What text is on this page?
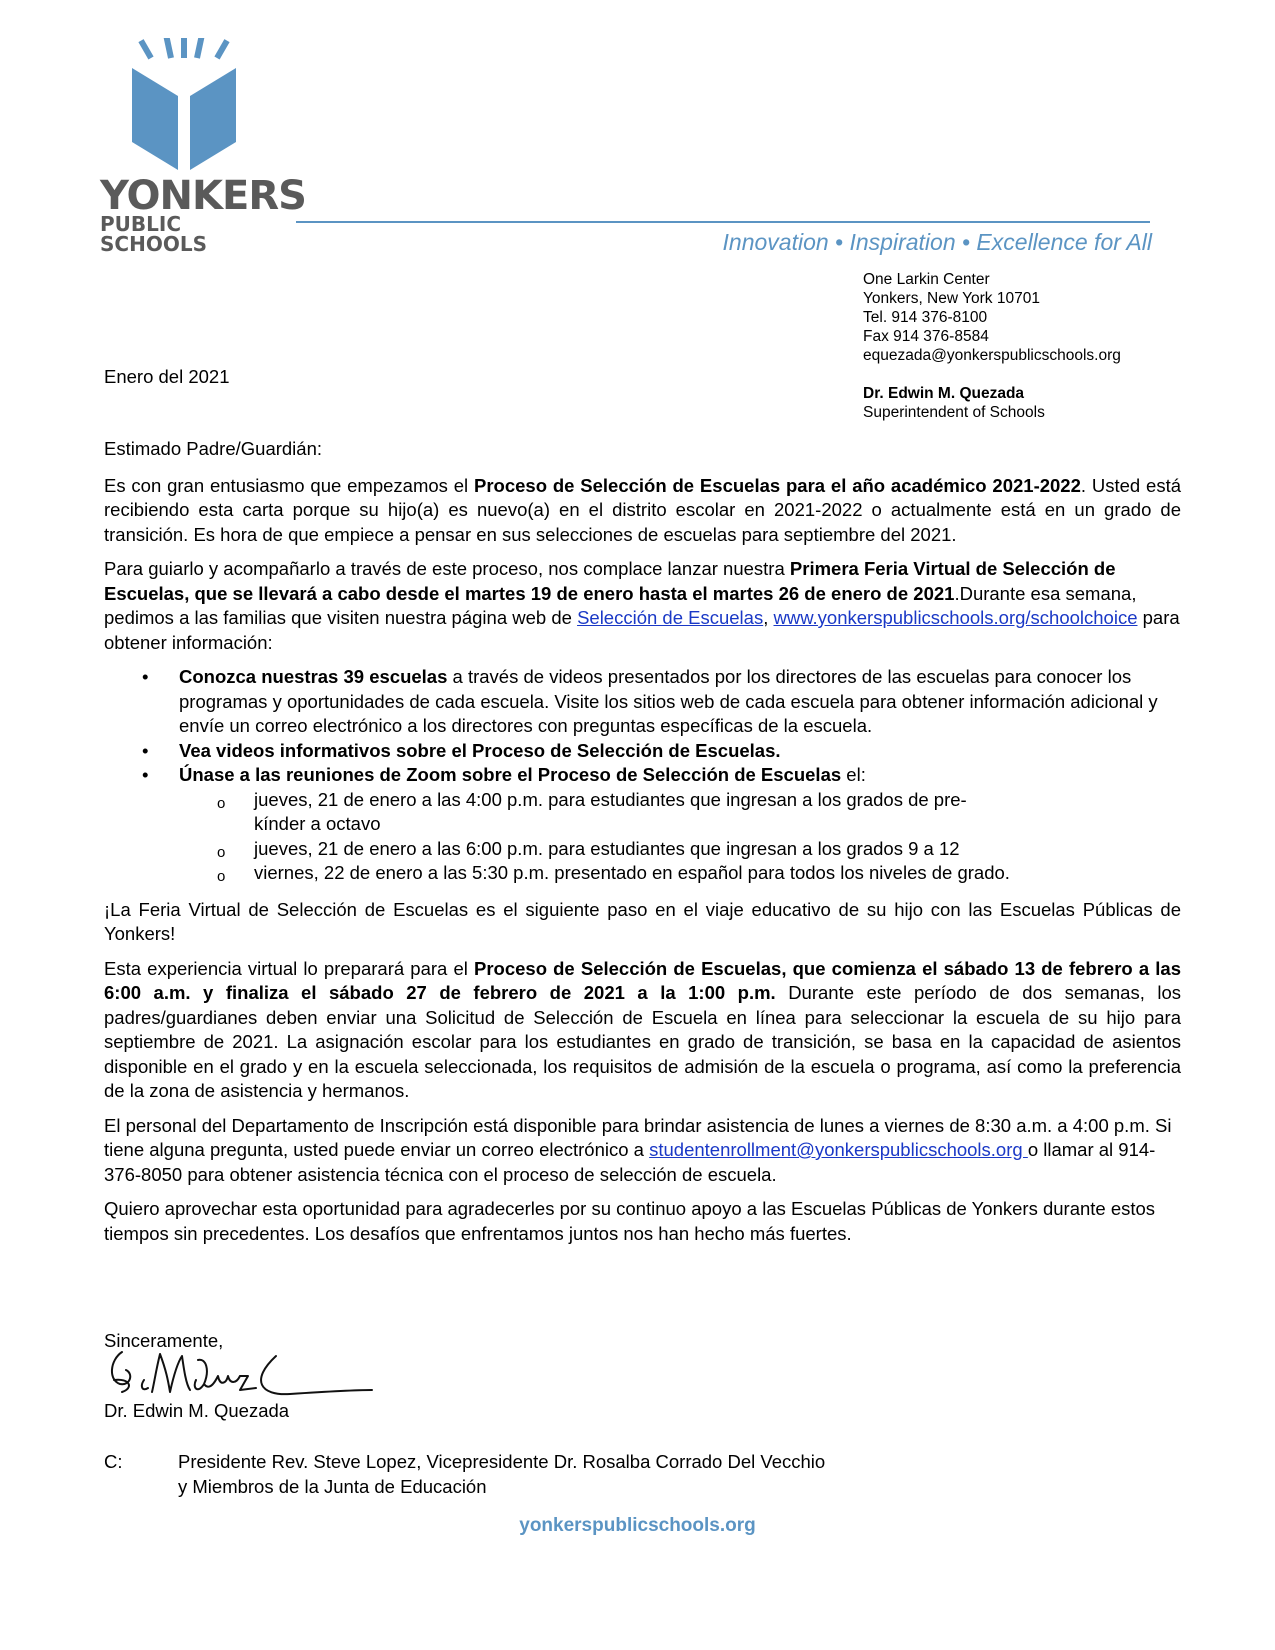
YONKERS
PUBLIC SCHOOLS	Innovation • Inspiration • Excellence for All
One Larkin Center
Yonkers, New York 10701
Tel. 914 376-8100
Fax 914 376-8584
equezada@yonkerspublicschools.org
Dr. Edwin M. Quezada
Superintendent of Schools
Enero del 2021

Estimado Padre/Guardián:

Es con gran entusiasmo que empezamos el Proceso de Selección de Escuelas para el año académico 2021-2022. Usted está recibiendo esta carta porque su hijo(a) es nuevo(a) en el distrito escolar en 2021-2022 o actualmente está en un grado de transición. Es hora de que empiece a pensar en sus selecciones de escuelas para septiembre del 2021.

Para guiarlo y acompañarlo a través de este proceso, nos complace lanzar nuestra Primera Feria Virtual de Selección de Escuelas, que se llevará a cabo desde el martes 19 de enero hasta el martes 26 de enero de 2021.Durante esa semana, pedimos a las familias que visiten nuestra página web de Selección de Escuelas, www.yonkerspublicschools.org/schoolchoice para obtener información:

• Conozca nuestras 39 escuelas a través de videos presentados por los directores de las escuelas para conocer los programas y oportunidades de cada escuela. Visite los sitios web de cada escuela para obtener información adicional y envíe un correo electrónico a los directores con preguntas específicas de la escuela.
• Vea videos informativos sobre el Proceso de Selección de Escuelas.
• Únase a las reuniones de Zoom sobre el Proceso de Selección de Escuelas el:
o jueves, 21 de enero a las 4:00 p.m. para estudiantes que ingresan a los grados de pre-kínder a octavo
o jueves, 21 de enero a las 6:00 p.m. para estudiantes que ingresan a los grados 9 a 12
o viernes, 22 de enero a las 5:30 p.m. presentado en español para todos los niveles de grado.

¡La Feria Virtual de Selección de Escuelas es el siguiente paso en el viaje educativo de su hijo con las Escuelas Públicas de Yonkers!

Esta experiencia virtual lo preparará para el Proceso de Selección de Escuelas, que comienza el sábado 13 de febrero a las 6:00 a.m. y finaliza el sábado 27 de febrero de 2021 a la 1:00 p.m. Durante este período de dos semanas, los padres/guardianes deben enviar una Solicitud de Selección de Escuela en línea para seleccionar la escuela de su hijo para septiembre de 2021. La asignación escolar para los estudiantes en grado de transición, se basa en la capacidad de asientos disponible en el grado y en la escuela seleccionada, los requisitos de admisión de la escuela o programa, así como la preferencia de la zona de asistencia y hermanos.

El personal del Departamento de Inscripción está disponible para brindar asistencia de lunes a viernes de 8:30 a.m. a 4:00 p.m. Si tiene alguna pregunta, usted puede enviar un correo electrónico a studentenrollment@yonkerspublicschools.org o llamar al 914-376-8050 para obtener asistencia técnica con el proceso de selección de escuela.

Quiero aprovechar esta oportunidad para agradecerles por su continuo apoyo a las Escuelas Públicas de Yonkers durante estos tiempos sin precedentes. Los desafíos que enfrentamos juntos nos han hecho más fuertes.

Sinceramente,
Dr. Edwin M. Quezada
C:	Presidente Rev. Steve Lopez, Vicepresidente Dr. Rosalba Corrado Del Vecchio
y Miembros de la Junta de Educación
yonkerspublicschools.org
